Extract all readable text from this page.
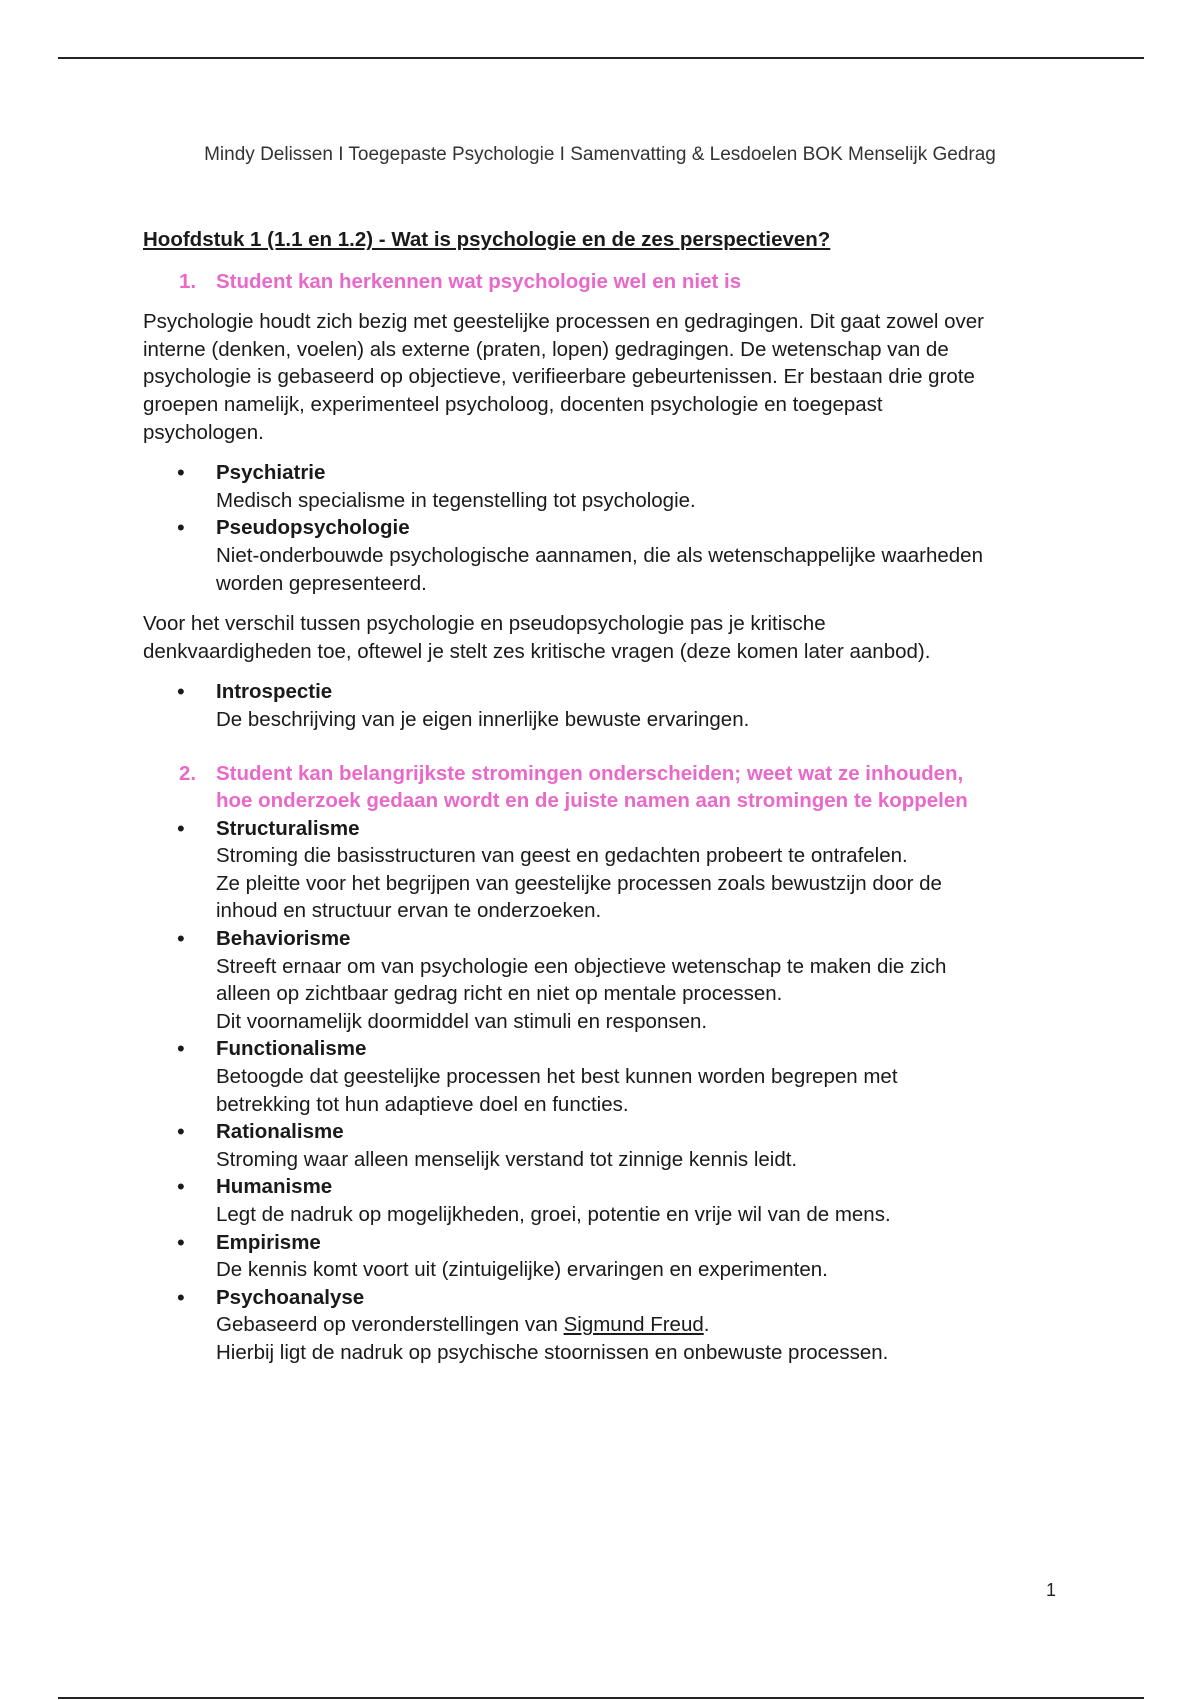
Mindy Delissen I Toegepaste Psychologie I Samenvatting & Lesdoelen BOK Menselijk Gedrag
Hoofdstuk 1 (1.1 en 1.2) - Wat is psychologie en de zes perspectieven?
1. Student kan herkennen wat psychologie wel en niet is

Psychologie houdt zich bezig met geestelijke processen en gedragingen. Dit gaat zowel over
interne (denken, voelen) als externe (praten, lopen) gedragingen. De wetenschap van de
psychologie is gebaseerd op objectieve, verifieerbare gebeurtenissen. Er bestaan drie grote
groepen namelijk, experimenteel psycholoog, docenten psychologie en toegepast
psychologen.

• Psychiatrie
Medisch specialisme in tegenstelling tot psychologie.
• Pseudopsychologie
Niet-onderbouwde psychologische aannamen, die als wetenschappelijke waarheden
worden gepresenteerd.

Voor het verschil tussen psychologie en pseudopsychologie pas je kritische
denkvaardigheden toe, oftewel je stelt zes kritische vragen (deze komen later aanbod).

• Introspectie
De beschrijving van je eigen innerlijke bewuste ervaringen.
2. Student kan belangrijkste stromingen onderscheiden; weet wat ze inhouden,
hoe onderzoek gedaan wordt en de juiste namen aan stromingen te koppelen
• Structuralisme
Stroming die basisstructuren van geest en gedachten probeert te ontrafelen.
Ze pleitte voor het begrijpen van geestelijke processen zoals bewustzijn door de
inhoud en structuur ervan te onderzoeken.
• Behaviorisme
Streeft ernaar om van psychologie een objectieve wetenschap te maken die zich
alleen op zichtbaar gedrag richt en niet op mentale processen.
Dit voornamelijk doormiddel van stimuli en responsen.
• Functionalisme
Betoogde dat geestelijke processen het best kunnen worden begrepen met
betrekking tot hun adaptieve doel en functies.
• Rationalisme
Stroming waar alleen menselijk verstand tot zinnige kennis leidt.
• Humanisme
Legt de nadruk op mogelijkheden, groei, potentie en vrije wil van de mens.
• Empirisme
De kennis komt voort uit (zintuigelijke) ervaringen en experimenten.
• Psychoanalyse
Gebaseerd op veronderstellingen van Sigmund Freud.
Hierbij ligt de nadruk op psychische stoornissen en onbewuste processen.
1
